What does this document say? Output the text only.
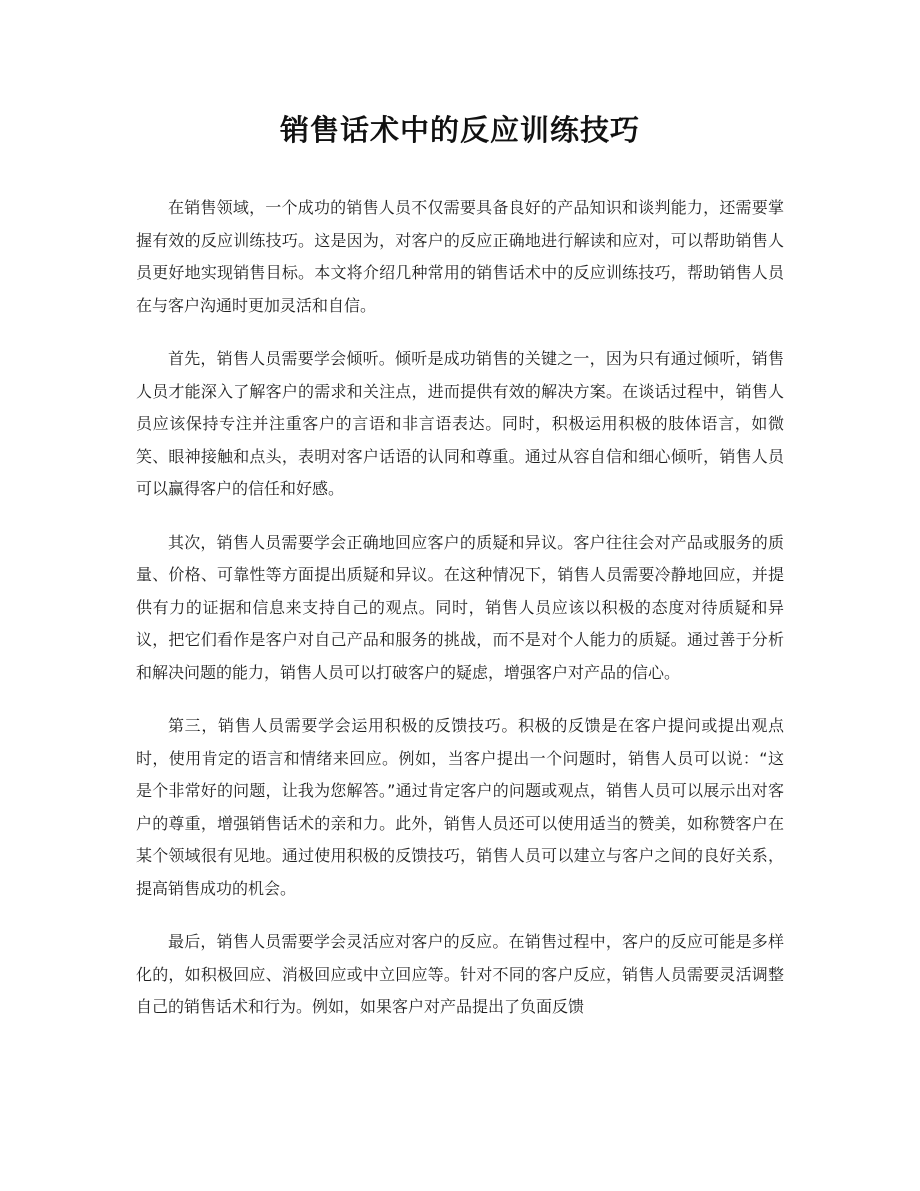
销售话术中的反应训练技巧

在销售领域，一个成功的销售人员不仅需要具备良好的产品知识和谈判能力，还需要掌握有效的反应训练技巧。这是因为，对客户的反应正确地进行解读和应对，可以帮助销售人员更好地实现销售目标。本文将介绍几种常用的销售话术中的反应训练技巧，帮助销售人员在与客户沟通时更加灵活和自信。

首先，销售人员需要学会倾听。倾听是成功销售的关键之一，因为只有通过倾听，销售人员才能深入了解客户的需求和关注点，进而提供有效的解决方案。在谈话过程中，销售人员应该保持专注并注重客户的言语和非言语表达。同时，积极运用积极的肢体语言，如微笑、眼神接触和点头，表明对客户话语的认同和尊重。通过从容自信和细心倾听，销售人员可以赢得客户的信任和好感。

其次，销售人员需要学会正确地回应客户的质疑和异议。客户往往会对产品或服务的质量、价格、可靠性等方面提出质疑和异议。在这种情况下，销售人员需要冷静地回应，并提供有力的证据和信息来支持自己的观点。同时，销售人员应该以积极的态度对待质疑和异议，把它们看作是客户对自己产品和服务的挑战，而不是对个人能力的质疑。通过善于分析和解决问题的能力，销售人员可以打破客户的疑虑，增强客户对产品的信心。

第三，销售人员需要学会运用积极的反馈技巧。积极的反馈是在客户提问或提出观点时，使用肯定的语言和情绪来回应。例如，当客户提出一个问题时，销售人员可以说：“这是个非常好的问题，让我为您解答。”通过肯定客户的问题或观点，销售人员可以展示出对客户的尊重，增强销售话术的亲和力。此外，销售人员还可以使用适当的赞美，如称赞客户在某个领域很有见地。通过使用积极的反馈技巧，销售人员可以建立与客户之间的良好关系，提高销售成功的机会。

最后，销售人员需要学会灵活应对客户的反应。在销售过程中，客户的反应可能是多样化的，如积极回应、消极回应或中立回应等。针对不同的客户反应，销售人员需要灵活调整自己的销售话术和行为。例如，如果客户对产品提出了负面反馈
